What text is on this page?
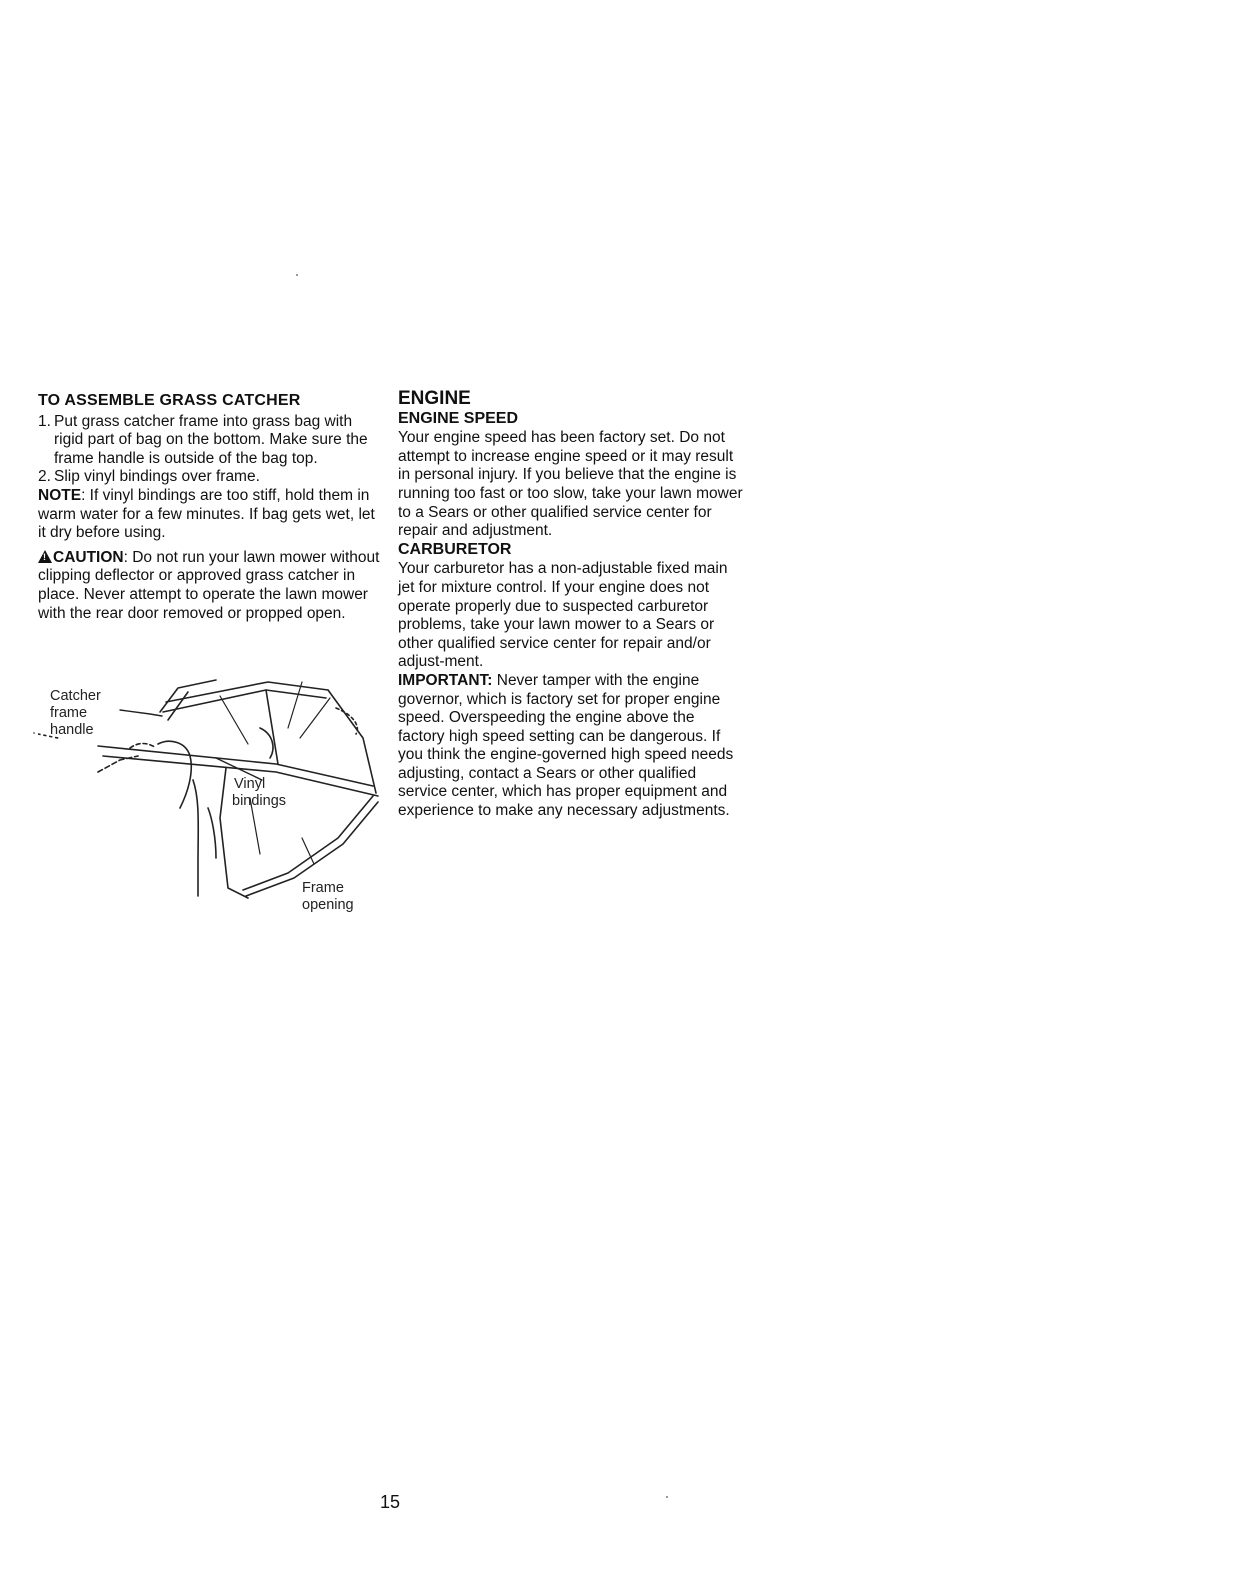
TO ASSEMBLE GRASS CATCHER
1. Put grass catcher frame into grass bag with rigid part of bag on the bottom. Make sure the frame handle is outside of the bag top.
2. Slip vinyl bindings over frame.

NOTE: If vinyl bindings are too stiff, hold them in warm water for a few minutes. If bag gets wet, let it dry before using.

!CAUTION: Do not run your lawn mower without clipping deflector or approved grass catcher in place. Never attempt to operate the lawn mower with the rear door removed or propped open.

Catcher
frame
handle
Vinyl
bindings
Frame
opening
ENGINE
ENGINE SPEED

Your engine speed has been factory set. Do not attempt to increase engine speed or it may result in personal injury. If you believe that the engine is running too fast or too slow, take your lawn mower to a Sears or other qualified service center for repair and adjustment.

CARBURETOR

Your carburetor has a non-adjustable fixed main jet for mixture control. If your engine does not operate properly due to suspected carburetor problems, take your lawn mower to a Sears or other qualified service center for repair and/or adjust-ment.

IMPORTANT: Never tamper with the engine governor, which is factory set for proper engine speed. Overspeeding the engine above the factory high speed setting can be dangerous. If you think the engine-governed high speed needs adjusting, contact a Sears or other qualified service center, which has proper equipment and experience to make any necessary adjustments.

15
